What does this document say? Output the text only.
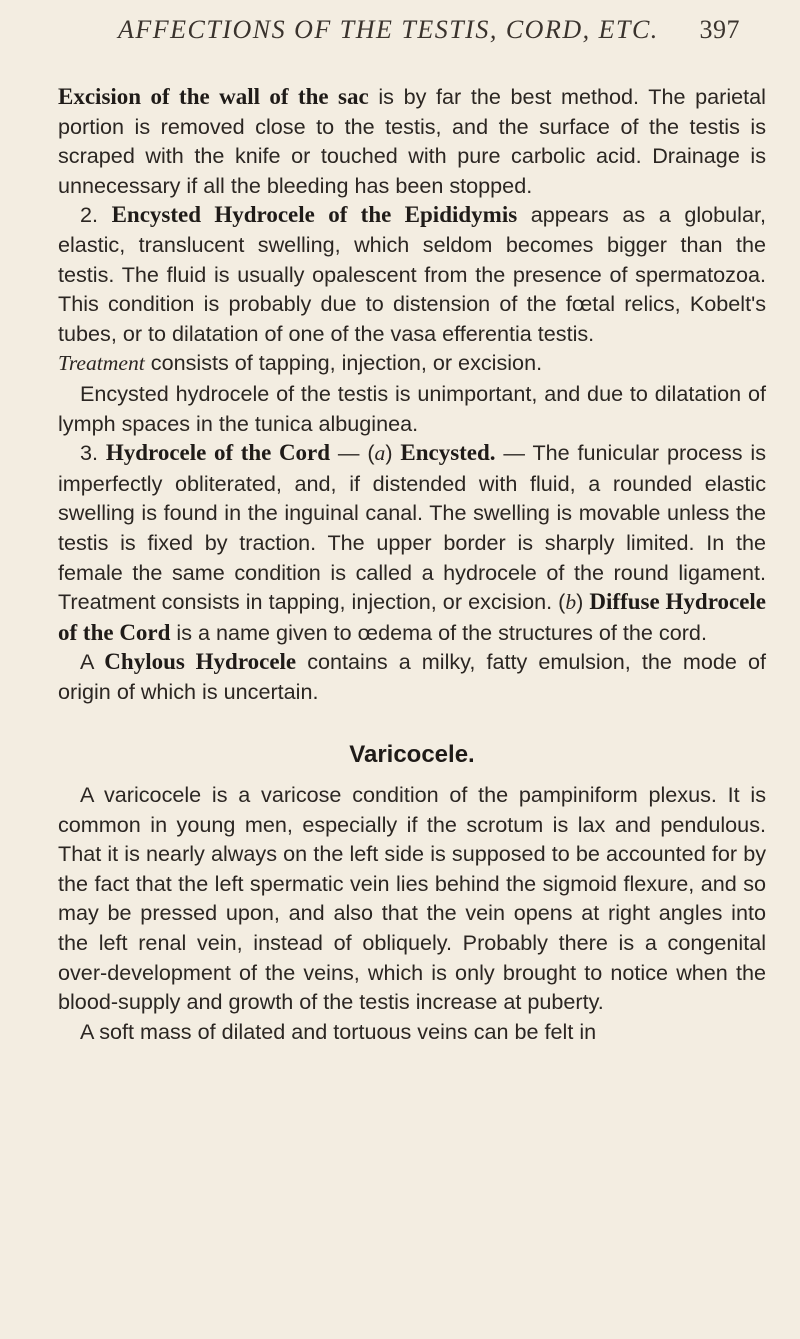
AFFECTIONS OF THE TESTIS, CORD, ETC. 397

Excision of the wall of the sac is by far the best method. The parietal portion is removed close to the testis, and the surface of the testis is scraped with the knife or touched with pure carbolic acid. Drainage is unnecessary if all the bleeding has been stopped.

2. Encysted Hydrocele of the Epididymis appears as a globular, elastic, translucent swelling, which seldom becomes bigger than the testis. The fluid is usually opalescent from the presence of spermatozoa. This condition is probably due to distension of the fœtal relics, Kobelt's tubes, or to dilatation of one of the vasa efferentia testis.

Treatment consists of tapping, injection, or excision.

Encysted hydrocele of the testis is unimportant, and due to dilatation of lymph spaces in the tunica albuginea.

3. Hydrocele of the Cord — (a) Encysted. — The funicular process is imperfectly obliterated, and, if distended with fluid, a rounded elastic swelling is found in the inguinal canal. The swelling is movable unless the testis is fixed by traction. The upper border is sharply limited. In the female the same condition is called a hydrocele of the round ligament. Treatment consists in tapping, injection, or excision. (b) Diffuse Hydrocele of the Cord is a name given to œdema of the structures of the cord.

A Chylous Hydrocele contains a milky, fatty emulsion, the mode of origin of which is uncertain.

Varicocele.

A varicocele is a varicose condition of the pampiniform plexus. It is common in young men, especially if the scrotum is lax and pendulous. That it is nearly always on the left side is supposed to be accounted for by the fact that the left spermatic vein lies behind the sigmoid flexure, and so may be pressed upon, and also that the vein opens at right angles into the left renal vein, instead of obliquely. Probably there is a congenital over-development of the veins, which is only brought to notice when the blood-supply and growth of the testis increase at puberty.

A soft mass of dilated and tortuous veins can be felt in
